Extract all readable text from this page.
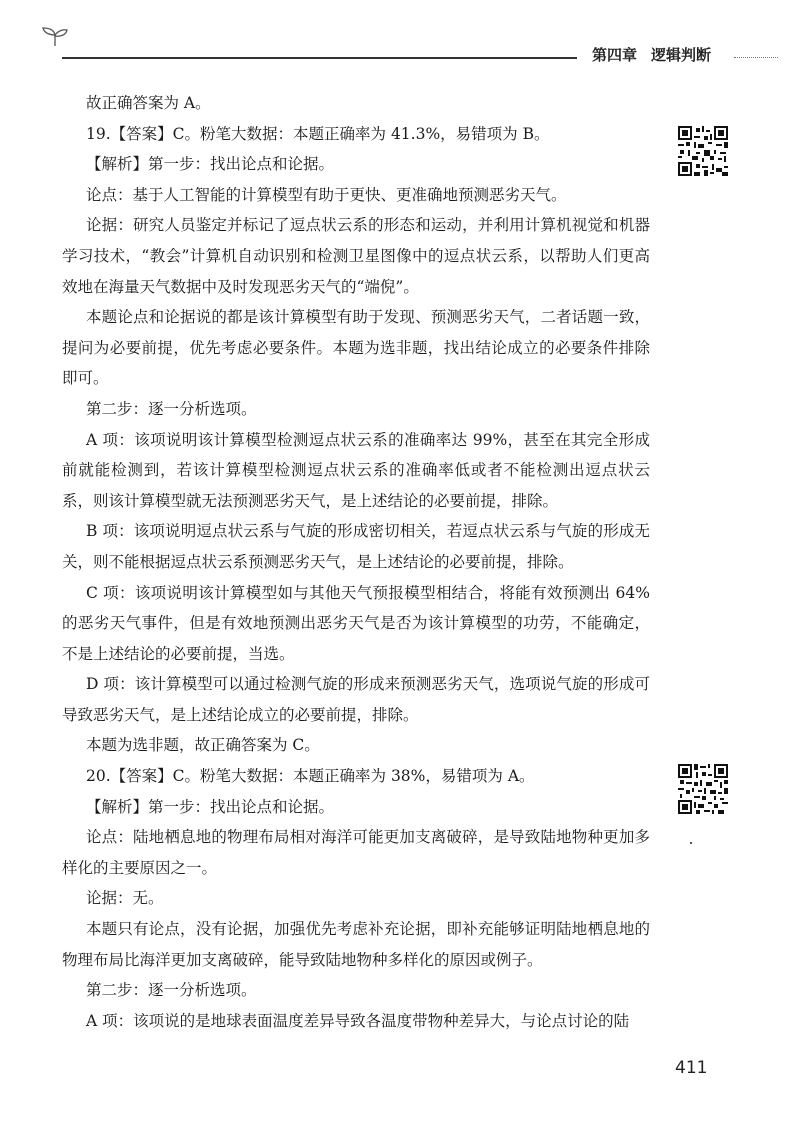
第四章 逻辑判断

故正确答案为 A。

19.【答案】C。粉笔大数据：本题正确率为 41.3%，易错项为 B。

【解析】第一步：找出论点和论据。

论点：基于人工智能的计算模型有助于更快、更准确地预测恶劣天气。

论据：研究人员鉴定并标记了逗点状云系的形态和运动，并利用计算机视觉和机器学习技术，“教会”计算机自动识别和检测卫星图像中的逗点状云系，以帮助人们更高效地在海量天气数据中及时发现恶劣天气的“端倪”。

本题论点和论据说的都是该计算模型有助于发现、预测恶劣天气，二者话题一致，提问为必要前提，优先考虑必要条件。本题为选非题，找出结论成立的必要条件排除即可。

第二步：逐一分析选项。

A 项：该项说明该计算模型检测逗点状云系的准确率达 99%，甚至在其完全形成前就能检测到，若该计算模型检测逗点状云系的准确率低或者不能检测出逗点状云系，则该计算模型就无法预测恶劣天气，是上述结论的必要前提，排除。

B 项：该项说明逗点状云系与气旋的形成密切相关，若逗点状云系与气旋的形成无关，则不能根据逗点状云系预测恶劣天气，是上述结论的必要前提，排除。

C 项：该项说明该计算模型如与其他天气预报模型相结合，将能有效预测出 64%的恶劣天气事件，但是有效地预测出恶劣天气是否为该计算模型的功劳，不能确定，不是上述结论的必要前提，当选。

D 项：该计算模型可以通过检测气旋的形成来预测恶劣天气，选项说气旋的形成可导致恶劣天气，是上述结论成立的必要前提，排除。

本题为选非题，故正确答案为 C。

20.【答案】C。粉笔大数据：本题正确率为 38%，易错项为 A。

【解析】第一步：找出论点和论据。

论点：陆地栖息地的物理布局相对海洋可能更加支离破碎，是导致陆地物种更加多样化的主要原因之一。

论据：无。

本题只有论点，没有论据，加强优先考虑补充论据，即补充能够证明陆地栖息地的物理布局比海洋更加支离破碎，能导致陆地物种多样化的原因或例子。

第二步：逐一分析选项。

A 项：该项说的是地球表面温度差异导致各温度带物种差异大，与论点讨论的陆

411
